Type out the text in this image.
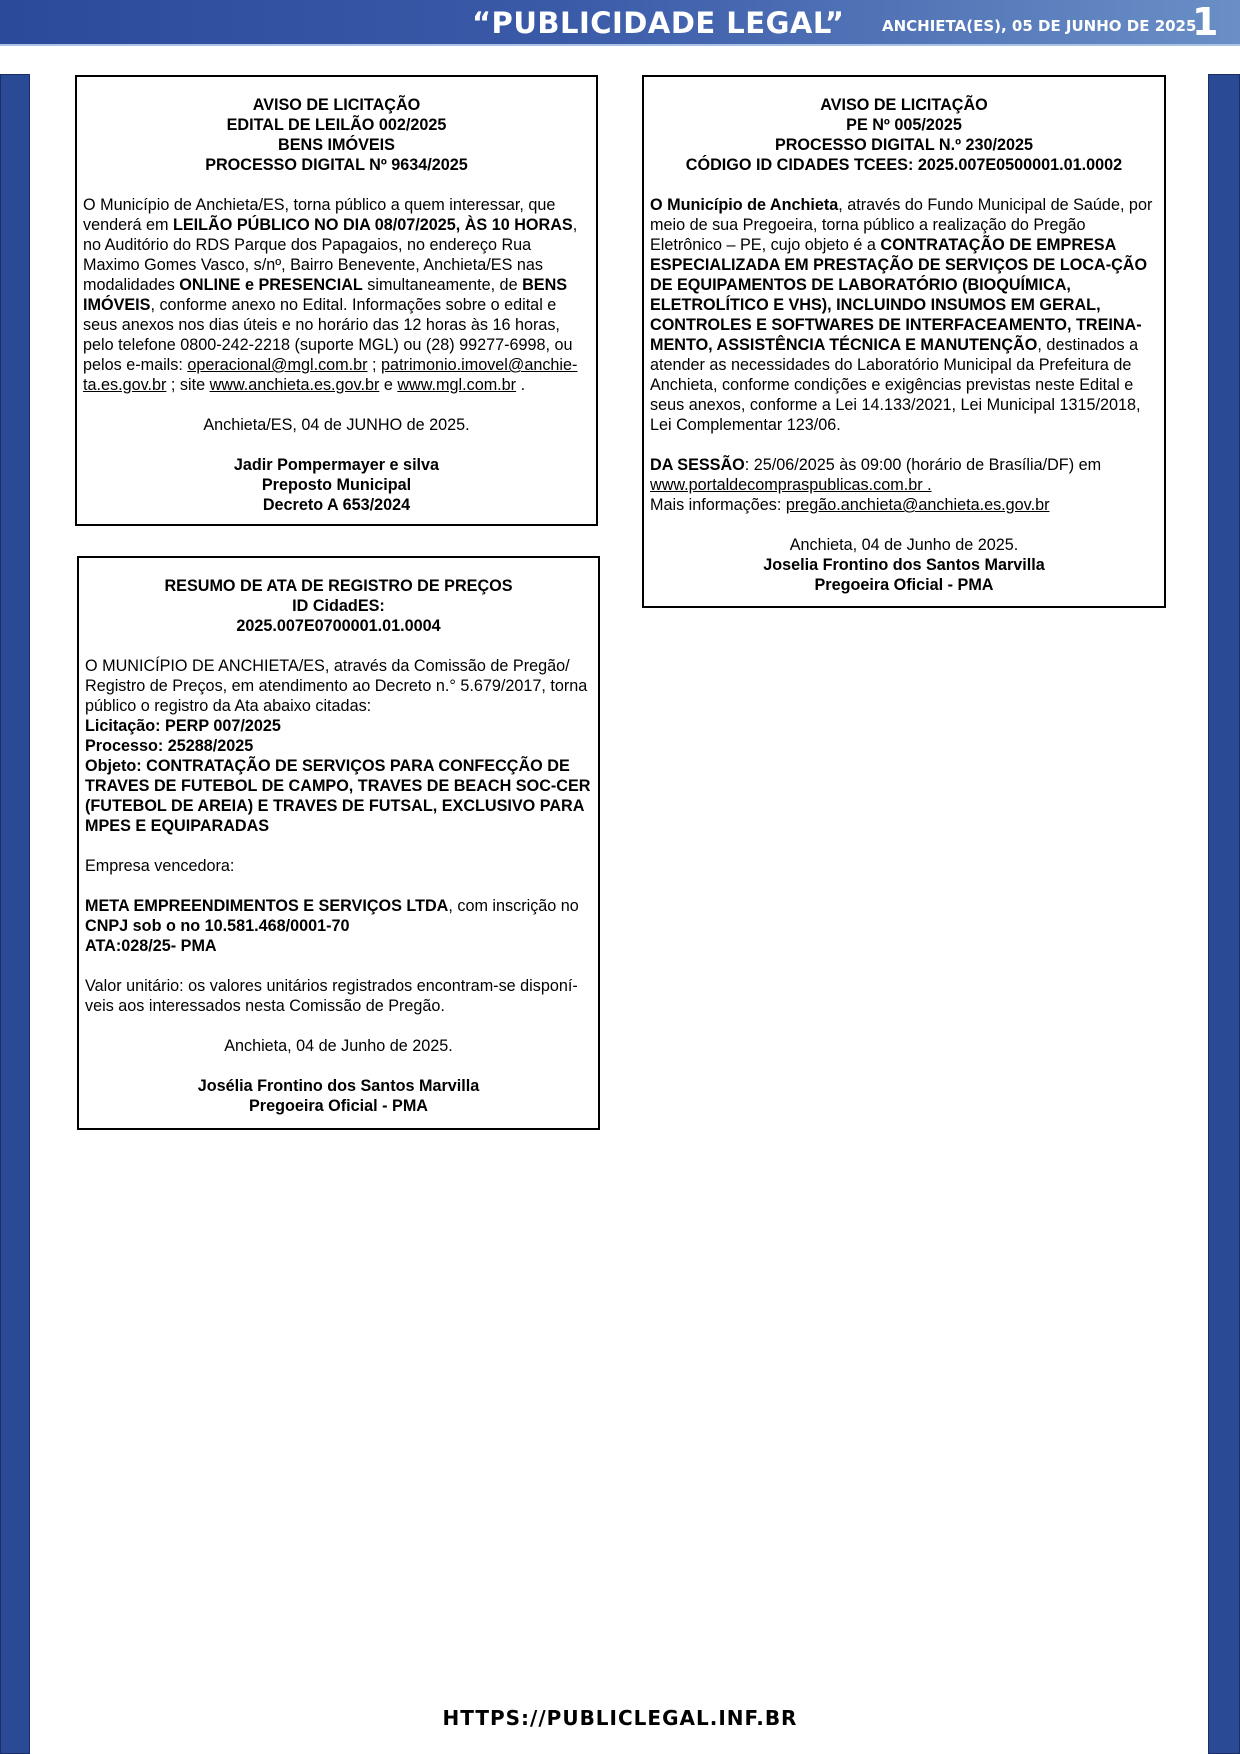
“PUBLICIDADE LEGAL”	ANCHIETA(ES), 05 DE JUNHO DE 2025
1
AVISO DE LICITAÇÃO
EDITAL DE LEILÃO 002/2025
BENS IMÓVEIS
PROCESSO DIGITAL Nº 9634/2025

O Município de Anchieta/ES, torna público a quem interessar, que venderá em LEILÃO PÚBLICO NO DIA 08/07/2025, ÀS 10 HORAS, no Auditório do RDS Parque dos Papagaios, no endereço Rua Maximo Gomes Vasco, s/nº, Bairro Benevente, Anchieta/ES nas modalidades ONLINE e PRESENCIAL simultaneamente, de BENS IMÓVEIS, conforme anexo no Edital. Informações sobre o edital e seus anexos nos dias úteis e no horário das 12 horas às 16 horas, pelo telefone 0800-242-2218 (suporte MGL) ou (28) 99277-6998, ou pelos e-mails: operacional@mgl.com.br ; patrimonio.imovel@anchie-ta.es.gov.br ; site www.anchieta.es.gov.br e www.mgl.com.br .

Anchieta/ES, 04 de JUNHO de 2025.

Jadir Pompermayer e silva

Preposto Municipal

Decreto A 653/2024

RESUMO DE ATA DE REGISTRO DE PREÇOS
ID CidadES:
2025.007E0700001.01.0004

O MUNICÍPIO DE ANCHIETA/ES, através da Comissão de Pregão/ Registro de Preços, em atendimento ao Decreto n.° 5.679/2017, torna público o registro da Ata abaixo citadas:

Licitação: PERP 007/2025

Processo: 25288/2025

Objeto: CONTRATAÇÃO DE SERVIÇOS PARA CONFECÇÃO DE TRAVES DE FUTEBOL DE CAMPO, TRAVES DE BEACH SOC-CER (FUTEBOL DE AREIA) E TRAVES DE FUTSAL, EXCLUSIVO PARA MPES E EQUIPARADAS

Empresa vencedora:

META EMPREENDIMENTOS E SERVIÇOS LTDA, com inscrição no

CNPJ sob o no 10.581.468/0001-70

ATA:028/25- PMA

Valor unitário: os valores unitários registrados encontram-se disponí-veis aos interessados nesta Comissão de Pregão.

Anchieta, 04 de Junho de 2025.

Josélia Frontino dos Santos Marvilla

Pregoeira Oficial - PMA

AVISO DE LICITAÇÃO
PE Nº 005/2025
PROCESSO DIGITAL N.º 230/2025
CÓDIGO ID CIDADES TCEES: 2025.007E0500001.01.0002

O Município de Anchieta, através do Fundo Municipal de Saúde, por meio de sua Pregoeira, torna público a realização do Pregão Eletrônico – PE, cujo objeto é a CONTRATAÇÃO DE EMPRESA ESPECIALIZADA EM PRESTAÇÃO DE SERVIÇOS DE LOCA-ÇÃO DE EQUIPAMENTOS DE LABORATÓRIO (BIOQUÍMICA, ELETROLÍTICO E VHS), INCLUINDO INSUMOS EM GERAL, CONTROLES E SOFTWARES DE INTERFACEAMENTO, TREINA-MENTO, ASSISTÊNCIA TÉCNICA E MANUTENÇÃO, destinados a atender as necessidades do Laboratório Municipal da Prefeitura de Anchieta, conforme condições e exigências previstas neste Edital e seus anexos, conforme a Lei 14.133/2021, Lei Municipal 1315/2018, Lei Complementar 123/06.

DA SESSÃO: 25/06/2025 às 09:00 (horário de Brasília/DF) em www.portaldecompraspublicas.com.br .

Mais informações: pregão.anchieta@anchieta.es.gov.br

Anchieta, 04 de Junho de 2025.

Joselia Frontino dos Santos Marvilla

Pregoeira Oficial - PMA

HTTPS://PUBLICLEGAL.INF.BR
